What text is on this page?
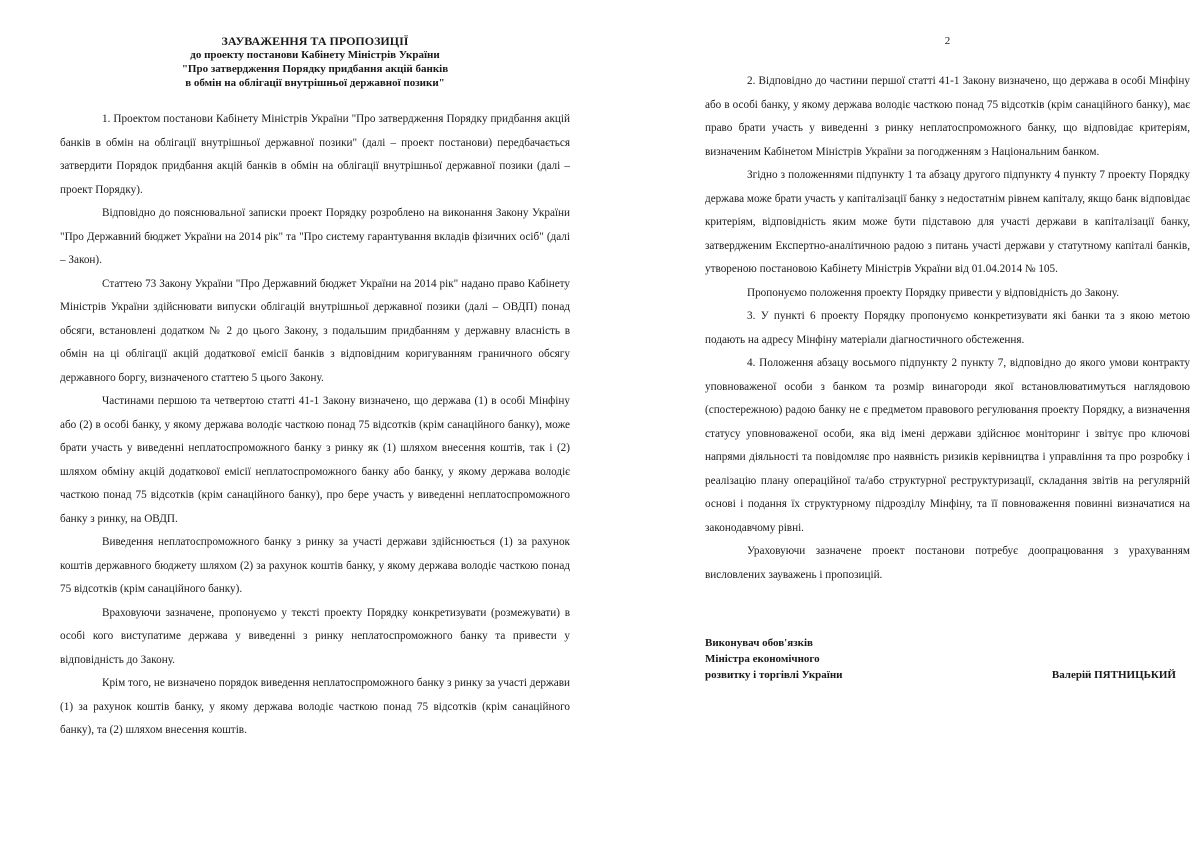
ЗАУВАЖЕННЯ ТА ПРОПОЗИЦІЇ
до проекту постанови Кабінету Міністрів України
"Про затвердження Порядку придбання акцій банків
в обмін на облігації внутрішньої державної позики"

1. Проектом постанови Кабінету Міністрів України "Про затвердження Порядку придбання акцій банків в обмін на облігації внутрішньої державної позики" (далі – проект постанови) передбачається затвердити Порядок придбання акцій банків в обмін на облігації внутрішньої державної позики (далі – проект Порядку).

Відповідно до пояснювальної записки проект Порядку розроблено на виконання Закону України "Про Державний бюджет України на 2014 рік" та "Про систему гарантування вкладів фізичних осіб" (далі – Закон).

Статтею 73 Закону України "Про Державний бюджет України на 2014 рік" надано право Кабінету Міністрів України здійснювати випуски облігацій внутрішньої державної позики (далі – ОВДП) понад обсяги, встановлені додатком № 2 до цього Закону, з подальшим придбанням у державну власність в обмін на ці облігації акцій додаткової емісії банків з відповідним коригуванням граничного обсягу державного боргу, визначеного статтею 5 цього Закону.

Частинами першою та четвертою статті 41-1 Закону визначено, що держава (1) в особі Мінфіну або (2) в особі банку, у якому держава володіє часткою понад 75 відсотків (крім санаційного банку), може брати участь у виведенні неплатоспроможного банку з ринку як (1) шляхом внесення коштів, так і (2) шляхом обміну акцій додаткової емісії неплатоспроможного банку або банку, у якому держава володіє часткою понад 75 відсотків (крім санаційного банку), про бере участь у виведенні неплатоспроможного банку з ринку, на ОВДП.

Виведення неплатоспроможного банку з ринку за участі держави здійснюється (1) за рахунок коштів державного бюджету шляхом (2) за рахунок коштів банку, у якому держава володіє часткою понад 75 відсотків (крім санаційного банку).

Враховуючи зазначене, пропонуємо у тексті проекту Порядку конкретизувати (розмежувати) в особі кого виступатиме держава у виведенні з ринку неплатоспроможного банку та привести у відповідність до Закону.

Крім того, не визначено порядок виведення неплатоспроможного банку з ринку за участі держави (1) за рахунок коштів банку, у якому держава володіє часткою понад 75 відсотків (крім санаційного банку), та (2) шляхом внесення коштів.

2

2. Відповідно до частини першої статті 41-1 Закону визначено, що держава в особі Мінфіну або в особі банку, у якому держава володіє часткою понад 75 відсотків (крім санаційного банку), має право брати участь у виведенні з ринку неплатоспроможного банку, що відповідає критеріям, визначеним Кабінетом Міністрів України за погодженням з Національним банком.

Згідно з положеннями підпункту 1 та абзацу другого підпункту 4 пункту 7 проекту Порядку держава може брати участь у капіталізації банку з недостатнім рівнем капіталу, якщо банк відповідає критеріям, відповідність яким може бути підставою для участі держави в капіталізації банку, затвердженим Експертно-аналітичною радою з питань участі держави у статутному капіталі банків, утвореною постановою Кабінету Міністрів України від 01.04.2014 № 105.

Пропонуємо положення проекту Порядку привести у відповідність до Закону.

3. У пункті 6 проекту Порядку пропонуємо конкретизувати які банки та з якою метою подають на адресу Мінфіну матеріали діагностичного обстеження.

4. Положення абзацу восьмого підпункту 2 пункту 7, відповідно до якого умови контракту уповноваженої особи з банком та розмір винагороди якої встановлюватимуться наглядовою (спостережною) радою банку не є предметом правового регулювання проекту Порядку, а визначення статусу уповноваженої особи, яка від імені держави здійснює моніторинг і звітує про ключові напрями діяльності та повідомляє про наявність ризиків керівництва і управління та про розробку і реалізацію плану операційної та/або структурної реструктуризації, складання звітів на регулярній основі і подання їх структурному підрозділу Мінфіну, та її повноваження повинні визначатися на законодавчому рівні.

Ураховуючи зазначене проект постанови потребує доопрацювання з урахуванням висловлених зауважень і пропозицій.

Виконувач обов'язків
Міністра економічного
розвитку і торгівлі України	Валерій ПЯТНИЦЬКИЙ
